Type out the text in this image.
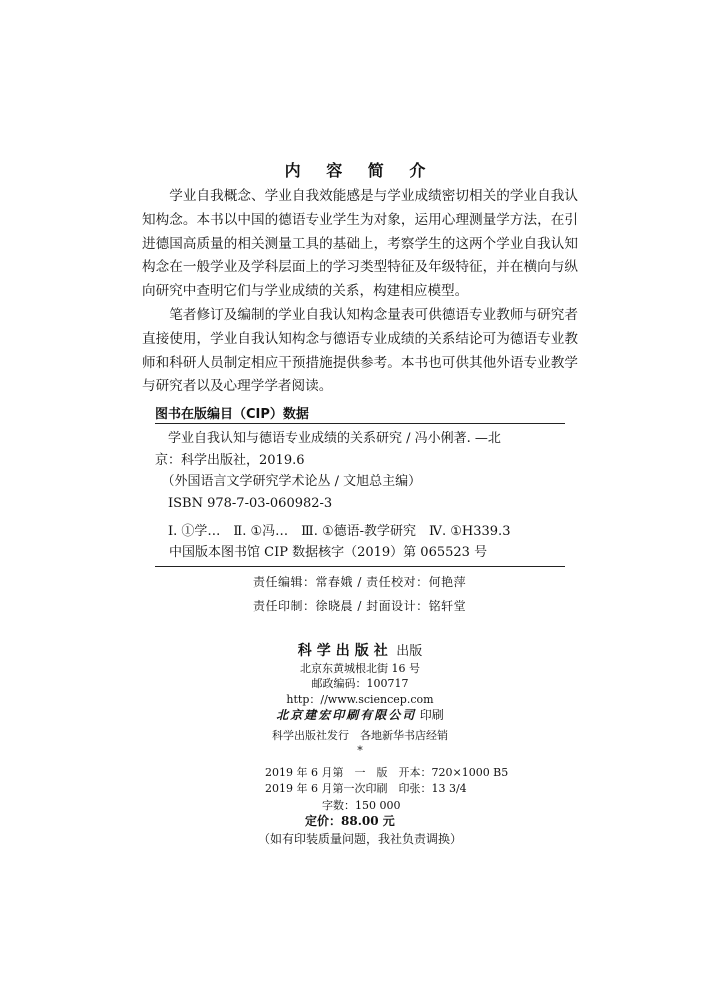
内 容 简 介

学业自我概念、学业自我效能感是与学业成绩密切相关的学业自我认知构念。本书以中国的德语专业学生为对象，运用心理测量学方法，在引进德国高质量的相关测量工具的基础上，考察学生的这两个学业自我认知构念在一般学业及学科层面上的学习类型特征及年级特征，并在横向与纵向研究中查明它们与学业成绩的关系，构建相应模型。

笔者修订及编制的学业自我认知构念量表可供德语专业教师与研究者直接使用，学业自我认知构念与德语专业成绩的关系结论可为德语专业教师和科研人员制定相应干预措施提供参考。本书也可供其他外语专业教学与研究者以及心理学学者阅读。

图书在版编目（CIP）数据
　学业自我认知与德语专业成绩的关系研究 / 冯小俐著. —北
京：科学出版社，2019.6
　（外国语言文学研究学术论丛 / 文旭总主编）
　ISBN 978-7-03-060982-3
　Ⅰ. ①学…　Ⅱ. ①冯…　Ⅲ. ①德语-教学研究　Ⅳ. ①H339.3
中国版本图书馆 CIP 数据核字（2019）第 065523 号
责任编辑：常春娥 / 责任校对：何艳萍
责任印制：徐晓晨 / 封面设计：铭轩堂
科学出版社 出版
北京东黄城根北街 16 号
邮政编码：100717
http：//www.sciencep.com
北京建宏印刷有限公司 印刷
科学出版社发行　各地新华书店经销
*
2019 年 6 月第　一　版　开本：720×1000 B5
2019 年 6 月第一次印刷　印张：13 3/4
字数：150 000
定价：88.00 元
（如有印装质量问题，我社负责调换）
